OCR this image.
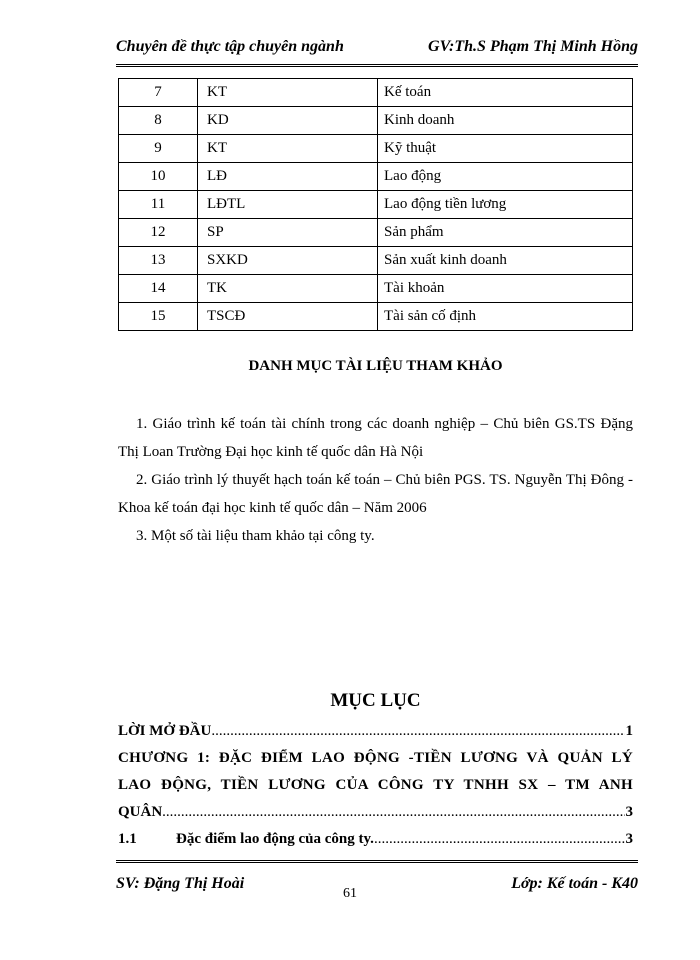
Chuyên đề thực tập chuyên ngành	GV:Th.S Phạm Thị Minh Hồng
7	KT	Kế toán
8	KD	Kinh doanh
9	KT	Kỹ thuật
10	LĐ	Lao động
11	LĐTL	Lao động tiền lương
12	SP	Sản phẩm
13	SXKD	Sản xuất kinh doanh
14	TK	Tài khoản
15	TSCĐ	Tài sản cố định
DANH MỤC TÀI LIỆU THAM KHẢO

1. Giáo trình kế toán tài chính trong các doanh nghiệp – Chủ biên GS.TS Đặng Thị Loan Trường Đại học kinh tế quốc dân Hà Nội

2. Giáo trình lý thuyết hạch toán kế toán – Chủ biên PGS. TS. Nguyễn Thị Đông - Khoa kế toán đại học kinh tế quốc dân – Năm 2006

3. Một số tài liệu tham khảo tại công ty.

MỤC LỤC
LỜI MỞ ĐẦU .....	1
CHƯƠNG 1: ĐẶC ĐIỂM LAO ĐỘNG -TIỀN LƯƠNG VÀ QUẢN LÝ
LAO ĐỘNG, TIỀN LƯƠNG CỦA CÔNG TY TNHH SX – TM ANH
QUÂN .....	3
1.1	Đặc điểm lao động của công ty. .....	3
SV: Đặng Thị Hoài	Lớp: Kế toán - K40
61
